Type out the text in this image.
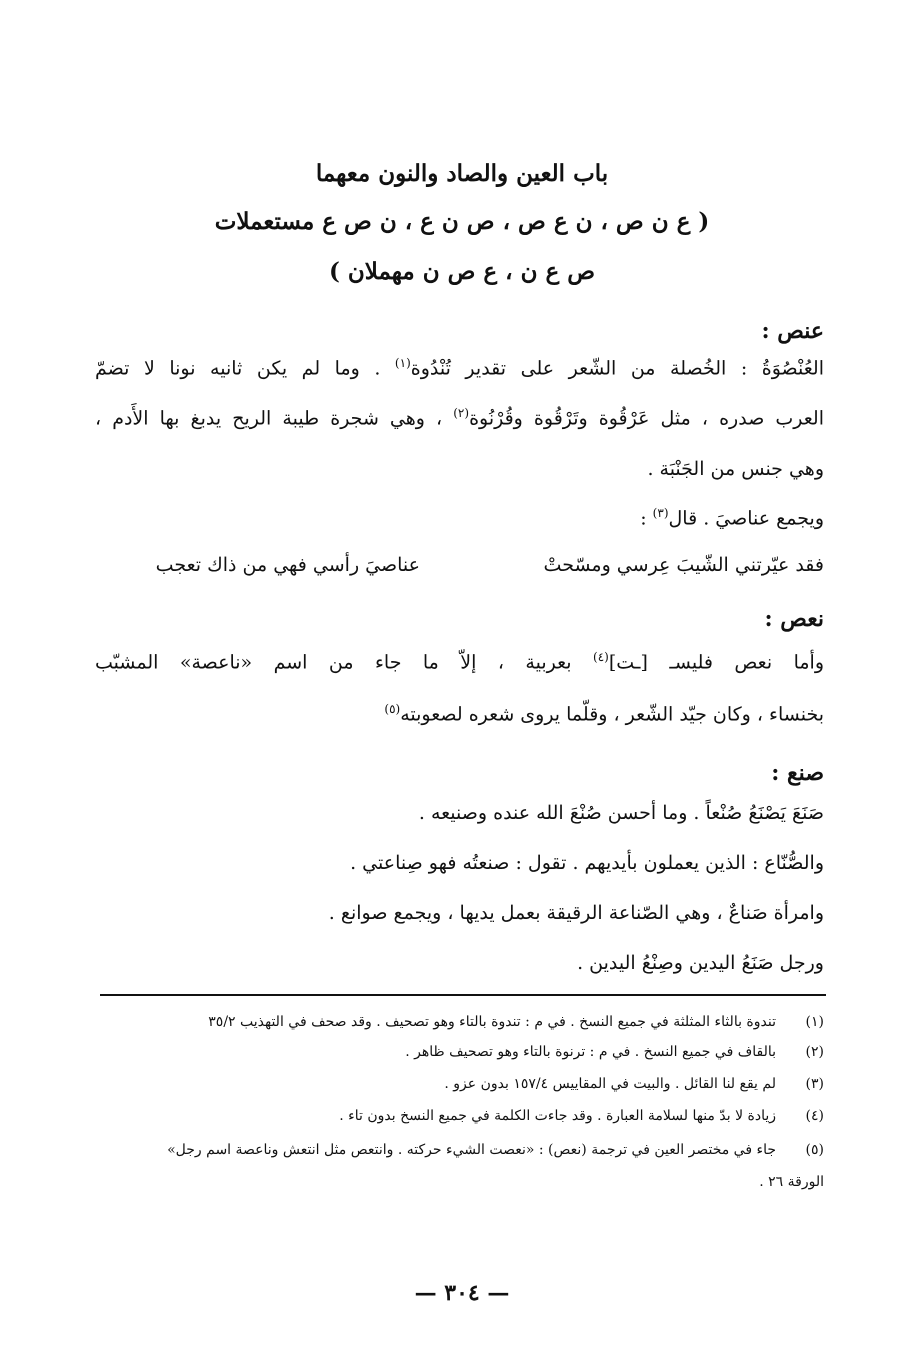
باب العين والصاد والنون معهما
( ع ن ص ، ن ع ص ، ص ن ع ، ن ص ع مستعملات
ص ع ن ، ع ص ن مهملان )
عنص :
العُنْصُوَةُ : الخُصلة من الشّعر على تقدير تُنْدُوة$^{(١)}$ . وما لم يكن ثانيه نونا لا تضمّ
العرب صدره ، مثل عَرْقُوة وتَرْقُوة وقُرْنُوة$^{(٢)}$ ، وهي شجرة طيبة الريح يدبغ بها الأَدم ،
وهي جنس من الجَنْبَة .
ويجمع عناصيَ . قال$^{(٣)}$ :
فقد عيّرتني الشّيبَ عِرسي ومسّحتْ
عناصيَ رأسي فهي من ذاك تعجب
نعص :
وأما نعص فليسـ [ـت]$^{(٤)}$ بعربية ، إلاّ ما جاء من اسم «ناعصة» المشبّب
بخنساء ، وكان جيّد الشّعر ، وقلّما يروى شعره لصعوبته$^{(٥)}$
صنع :
صَنَعَ يَصْنَعُ صُنْعاً . وما أحسن صُنْعَ الله عنده وصنيعه .
والصُّنّاع : الذين يعملون بأيديهم . تقول : صنعتُه فهو صِناعتي .
وامرأة صَناعٌ ، وهي الصّناعة الرقيقة بعمل يديها ، ويجمع صوانع .
ورجل صَنَعُ اليدين وصِنْعُ اليدين .
(١)
تندوة بالثاء المثلثة في جميع النسخ . في م : تندوة بالتاء وهو تصحيف . وقد صحف في التهذيب ٣٥/٢
(٢)
بالقاف في جميع النسخ . في م : ترنوة بالتاء وهو تصحيف ظاهر .
(٣)
لم يقع لنا القائل . والبيت في المقاييس ١٥٧/٤ بدون عزو .
(٤)
زيادة لا بدّ منها لسلامة العبارة . وقد جاءت الكلمة في جميع النسخ بدون تاء .
(٥)
جاء في مختصر العين في ترجمة (نعص) : «نعصت الشيء حركته . وانتعص مثل انتعش وناعصة اسم رجل»
الورقة ٢٦ .
— ٣٠٤ —
